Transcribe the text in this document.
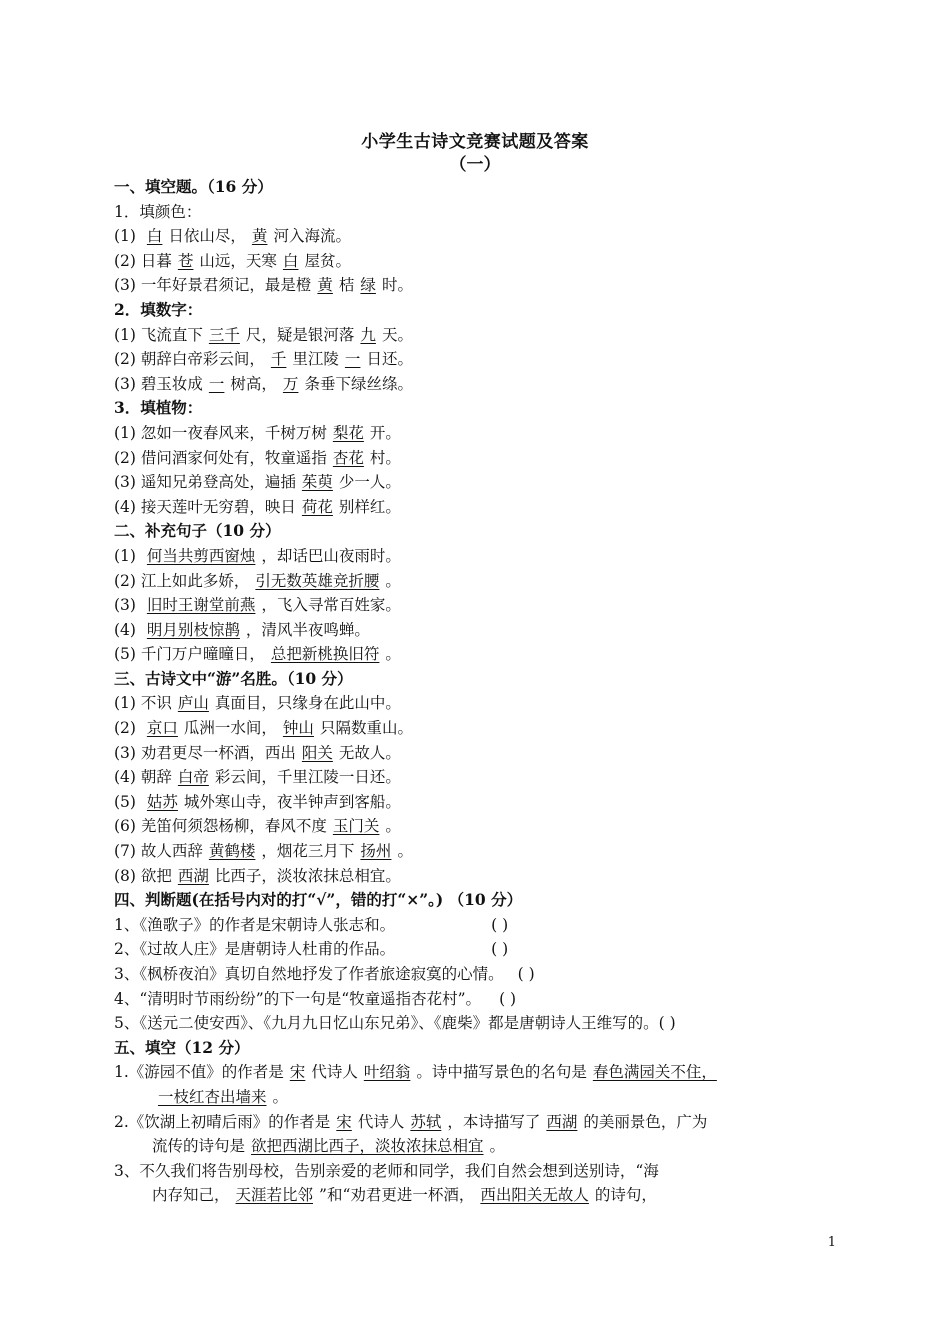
小学生古诗文竞赛试题及答案
（一）
一、填空题。（16 分）
1．填颜色：
(1) 白 日依山尽， 黄 河入海流。
(2) 日暮 苍 山远，天寒 白 屋贫。
(3) 一年好景君须记，最是橙 黄 桔 绿 时。
2．填数字：
(1) 飞流直下 三千 尺，疑是银河落 九 天。
(2) 朝辞白帝彩云间， 千 里江陵 一 日还。
(3) 碧玉妆成 一 树高， 万 条垂下绿丝绦。
3．填植物：
(1) 忽如一夜春风来，千树万树 梨花 开。
(2) 借问酒家何处有，牧童遥指 杏花 村。
(3) 遥知兄弟登高处，遍插 茱萸 少一人。
(4) 接天莲叶无穷碧，映日 荷花 别样红。
二、补充句子（10 分）
(1) 何当共剪西窗烛 ，却话巴山夜雨时。
(2) 江上如此多娇， 引无数英雄竞折腰 。
(3) 旧时王谢堂前燕 ，飞入寻常百姓家。
(4) 明月别枝惊鹊 ，清风半夜鸣蝉。
(5) 千门万户曈曈日， 总把新桃换旧符 。
三、古诗文中“游”名胜。（10 分）
(1) 不识 庐山 真面目，只缘身在此山中。
(2) 京口 瓜洲一水间， 钟山 只隔数重山。
(3) 劝君更尽一杯酒，西出 阳关 无故人。
(4) 朝辞 白帝 彩云间，千里江陵一日还。
(5) 姑苏 城外寒山寺，夜半钟声到客船。
(6) 羌笛何须怨杨柳，春风不度 玉门关 。
(7) 故人西辞 黄鹤楼 ，烟花三月下 扬州 。
(8) 欲把 西湖 比西子，淡妆浓抹总相宜。
四、判断题(在括号内对的打“√”，错的打“×”。) （10 分）
1、《渔歌子》的作者是宋朝诗人张志和。	( )
2、《过故人庄》是唐朝诗人杜甫的作品。	( )
3、《枫桥夜泊》真切自然地抒发了作者旅途寂寞的心情。 ( )
4、“清明时节雨纷纷”的下一句是“牧童遥指杏花村”。 ( )
5、《送元二使安西》、《九月九日忆山东兄弟》、《鹿柴》都是唐朝诗人王维写的。( )
五、填空（12 分）
1.《游园不值》的作者是 宋 代诗人 叶绍翁 。诗中描写景色的名句是 春色满园关不住，
一枝红杏出墙来 。
2.《饮湖上初晴后雨》的作者是 宋 代诗人 苏轼 ，本诗描写了 西湖 的美丽景色，广为
流传的诗句是 欲把西湖比西子，淡妆浓抹总相宜 。
3、不久我们将告别母校，告别亲爱的老师和同学，我们自然会想到送别诗，“海
内存知己， 天涯若比邻 ”和“劝君更进一杯酒， 西出阳关无故人 的诗句，
1
